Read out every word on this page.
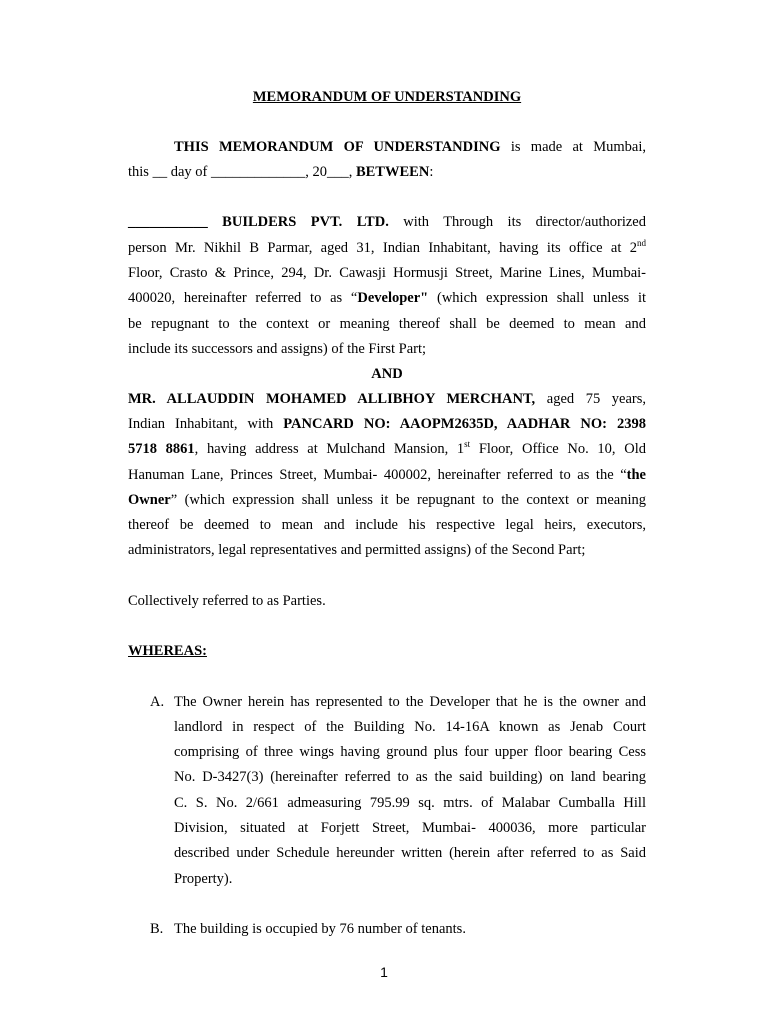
MEMORANDUM OF UNDERSTANDING
THIS MEMORANDUM OF UNDERSTANDING is made at Mumbai,
this __ day of _____________, 20___, BETWEEN:
___________ BUILDERS PVT. LTD. with Through its director/authorized
person Mr. Nikhil B Parmar, aged 31, Indian Inhabitant, having its office at 2nd
Floor, Crasto & Prince, 294, Dr. Cawasji Hormusji Street, Marine Lines, Mumbai-
400020, hereinafter referred to as “Developer" (which expression shall unless it
be repugnant to the context or meaning thereof shall be deemed to mean and
include its successors and assigns) of the First Part;
AND
MR. ALLAUDDIN MOHAMED ALLIBHOY MERCHANT, aged 75 years,
Indian Inhabitant, with PANCARD NO: AAOPM2635D, AADHAR NO: 2398
5718 8861, having address at Mulchand Mansion, 1st Floor, Office No. 10, Old
Hanuman Lane, Princes Street, Mumbai- 400002, hereinafter referred to as the “the
Owner” (which expression shall unless it be repugnant to the context or meaning
thereof be deemed to mean and include his respective legal heirs, executors,
administrators, legal representatives and permitted assigns) of the Second Part;
Collectively referred to as Parties.
WHEREAS:
A. The Owner herein has represented to the Developer that he is the owner and
landlord in respect of the Building No. 14-16A known as Jenab Court
comprising of three wings having ground plus four upper floor bearing Cess
No. D-3427(3) (hereinafter referred to as the said building) on land bearing
C. S. No. 2/661 admeasuring 795.99 sq. mtrs. of Malabar Cumballa Hill
Division, situated at Forjett Street, Mumbai- 400036, more particular
described under Schedule hereunder written (herein after referred to as Said
Property).
B. The building is occupied by 76 number of tenants.
1
